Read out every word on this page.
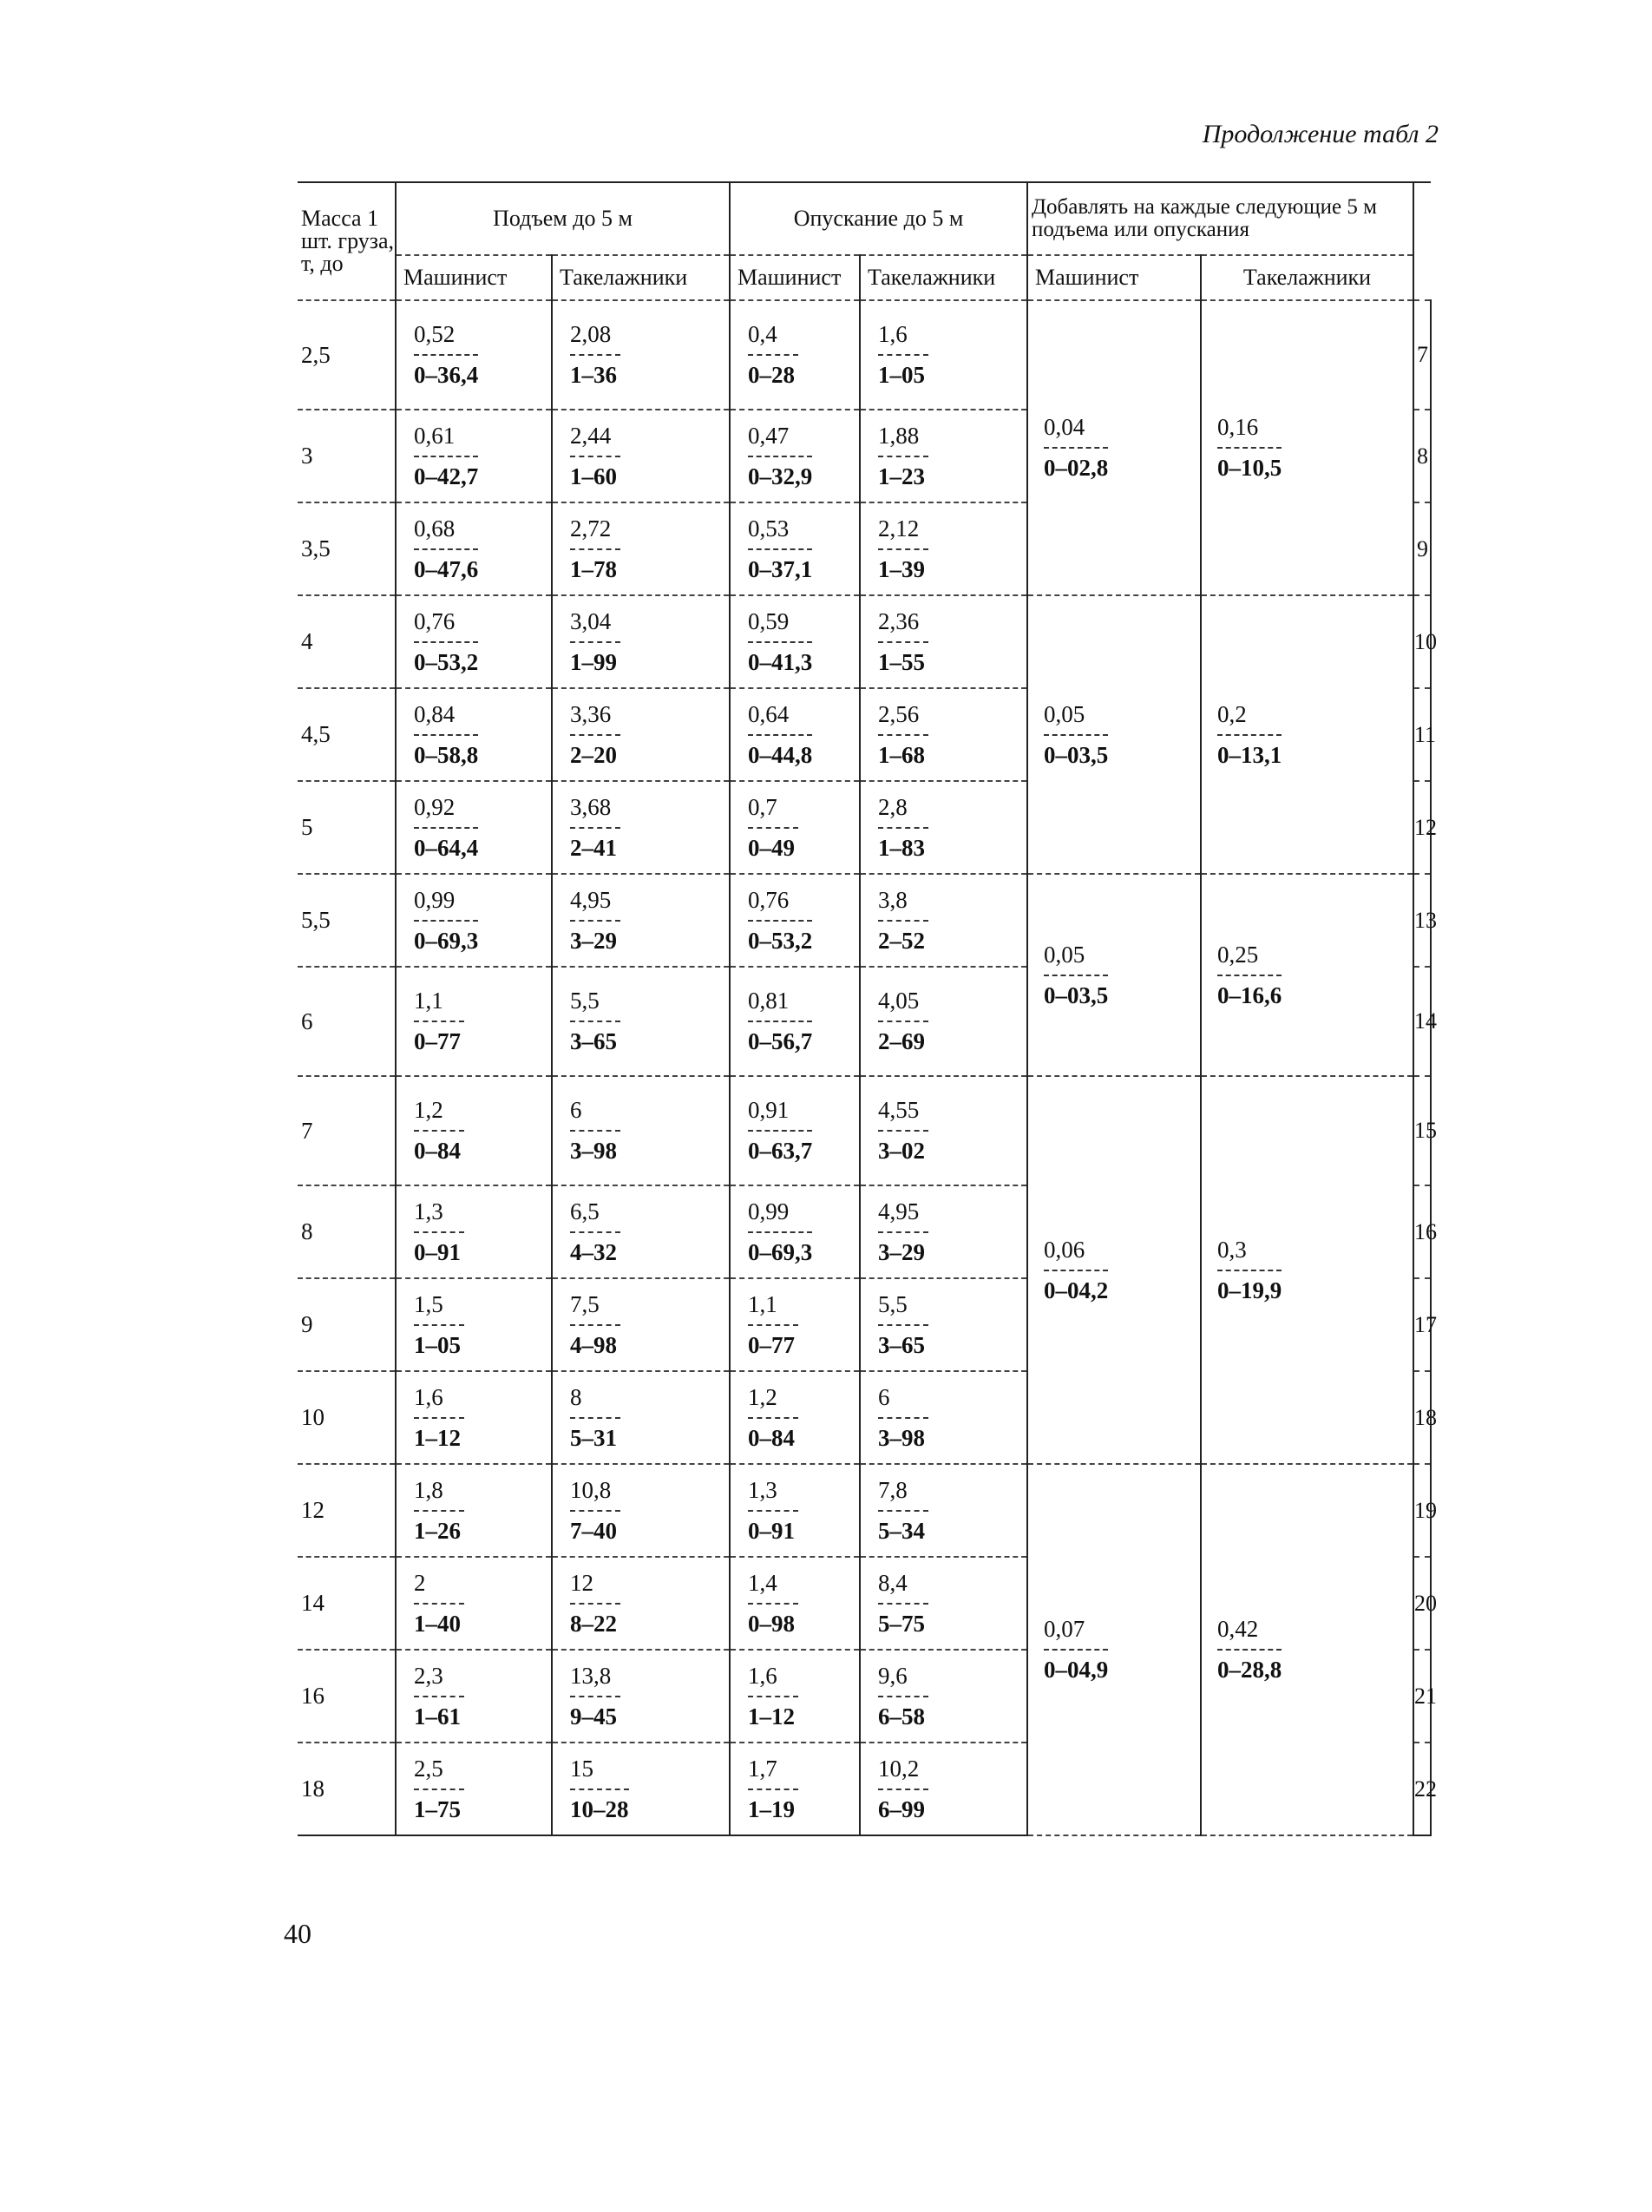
Продолжение табл 2
Масса 1 шт. груза, т, до	Подъем до 5 м		Опускание до 5 м		Добавлять на каждые следующие 5 м подъема или опускания		
	Машинист	Такелажники	Машинист	Такелажники	Машинист	Такелажники	
2,5	$\frac{0,52}{0-36,4}$	$\frac{2,08}{1-36}$	$\frac{0,4}{0-28}$	$\frac{1,6}{1-05}$	$\frac{0,04}{0-02,8}$	$\frac{0,16}{0-10,5}$	7
3	$\frac{0,61}{0-42,7}$	$\frac{2,44}{1-60}$	$\frac{0,47}{0-32,9}$	$\frac{1,88}{1-23}$			8
3,5	$\frac{0,68}{0-47,6}$	$\frac{2,72}{1-78}$	$\frac{0,53}{0-37,1}$	$\frac{2,12}{1-39}$			9
4	$\frac{0,76}{0-53,2}$	$\frac{3,04}{1-99}$	$\frac{0,59}{0-41,3}$	$\frac{2,36}{1-55}$	$\frac{0,05}{0-03,5}$	$\frac{0,2}{0-13,1}$	10
4,5	$\frac{0,84}{0-58,8}$	$\frac{3,36}{2-20}$	$\frac{0,64}{0-44,8}$	$\frac{2,56}{1-68}$			11
5	$\frac{0,92}{0-64,4}$	$\frac{3,68}{2-41}$	$\frac{0,7}{0-49}$	$\frac{2,8}{1-83}$			12
5,5	$\frac{0,99}{0-69,3}$	$\frac{4,95}{3-29}$	$\frac{0,76}{0-53,2}$	$\frac{3,8}{2-52}$	$\frac{0,05}{0-03,5}$	$\frac{0,25}{0-16,6}$	13
6	$\frac{1,1}{0-77}$	$\frac{5,5}{3-65}$	$\frac{0,81}{0-56,7}$	$\frac{4,05}{2-69}$			14
7	$\frac{1,2}{0-84}$	$\frac{6}{3-98}$	$\frac{0,91}{0-63,7}$	$\frac{4,55}{3-02}$	$\frac{0,06}{0-04,2}$	$\frac{0,3}{0-19,9}$	15
8	$\frac{1,3}{0-91}$	$\frac{6,5}{4-32}$	$\frac{0,99}{0-69,3}$	$\frac{4,95}{3-29}$			16
9	$\frac{1,5}{1-05}$	$\frac{7,5}{4-98}$	$\frac{1,1}{0-77}$	$\frac{5,5}{3-65}$			17
10	$\frac{1,6}{1-12}$	$\frac{8}{5-31}$	$\frac{1,2}{0-84}$	$\frac{6}{3-98}$			18
12	$\frac{1,8}{1-26}$	$\frac{10,8}{7-40}$	$\frac{1,3}{0-91}$	$\frac{7,8}{5-34}$	$\frac{0,07}{0-04,9}$	$\frac{0,42}{0-28,8}$	19
14	$\frac{2}{1-40}$	$\frac{12}{8-22}$	$\frac{1,4}{0-98}$	$\frac{8,4}{5-75}$			20
16	$\frac{2,3}{1-61}$	$\frac{13,8}{9-45}$	$\frac{1,6}{1-12}$	$\frac{9,6}{6-58}$			21
18	$\frac{2,5}{1-75}$	$\frac{15}{10-28}$	$\frac{1,7}{1-19}$	$\frac{10,2}{6-99}$			22
40
